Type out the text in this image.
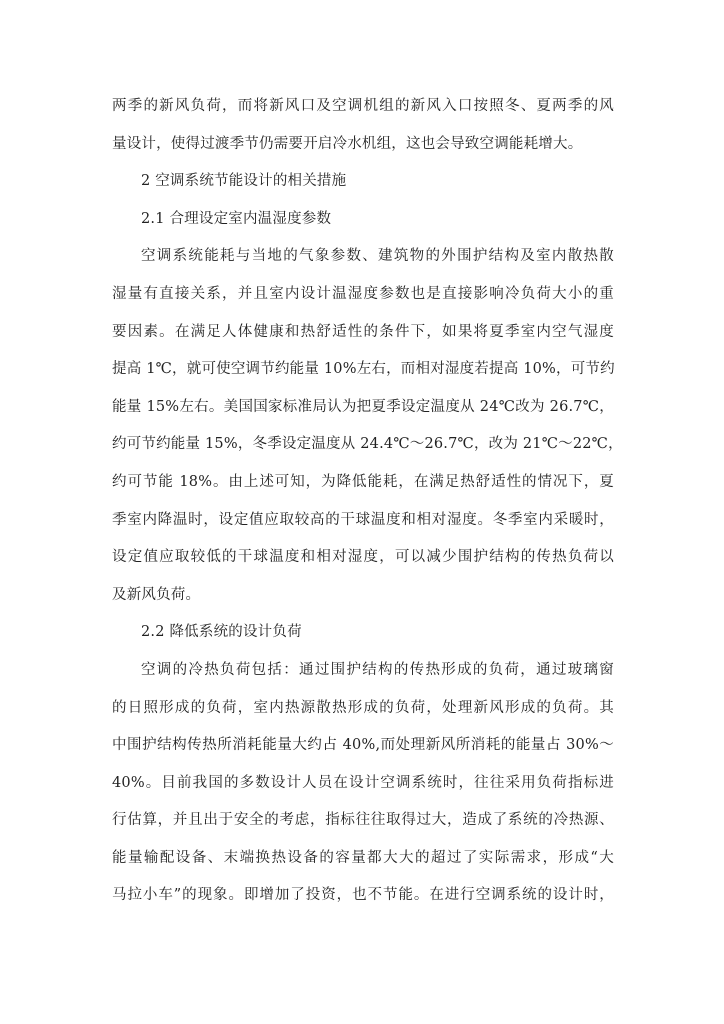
两季的新风负荷，而将新风口及空调机组的新风入口按照冬、夏两季的风
量设计，使得过渡季节仍需要开启冷水机组，这也会导致空调能耗增大。
2 空调系统节能设计的相关措施
2.1 合理设定室内温湿度参数
空调系统能耗与当地的气象参数、建筑物的外围护结构及室内散热散
湿量有直接关系，并且室内设计温湿度参数也是直接影响冷负荷大小的重
要因素。在满足人体健康和热舒适性的条件下，如果将夏季室内空气湿度
提高 1℃，就可使空调节约能量 10%左右，而相对湿度若提高 10%，可节约
能量 15%左右。美国国家标准局认为把夏季设定温度从 24℃改为 26.7℃，
约可节约能量 15%，冬季设定温度从 24.4℃～26.7℃，改为 21℃～22℃，
约可节能 18%。由上述可知，为降低能耗，在满足热舒适性的情况下，夏
季室内降温时，设定值应取较高的干球温度和相对湿度。冬季室内采暖时，
设定值应取较低的干球温度和相对湿度，可以减少围护结构的传热负荷以
及新风负荷。
2.2 降低系统的设计负荷
空调的冷热负荷包括：通过围护结构的传热形成的负荷，通过玻璃窗
的日照形成的负荷，室内热源散热形成的负荷，处理新风形成的负荷。其
中围护结构传热所消耗能量大约占 40%,而处理新风所消耗的能量占 30%～
40%。目前我国的多数设计人员在设计空调系统时，往往采用负荷指标进
行估算，并且出于安全的考虑，指标往往取得过大，造成了系统的冷热源、
能量输配设备、末端换热设备的容量都大大的超过了实际需求，形成“大
马拉小车”的现象。即增加了投资，也不节能。在进行空调系统的设计时，
